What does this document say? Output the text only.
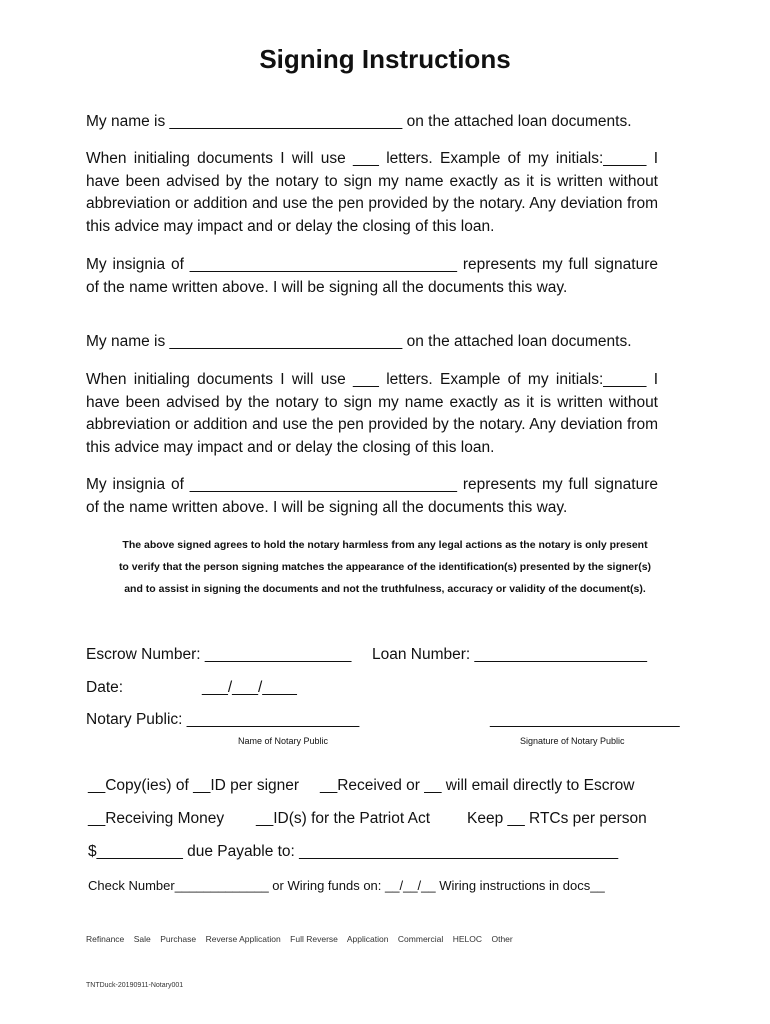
Signing Instructions
My name is ___________________________ on the attached loan documents.
When initialing documents I will use ___ letters. Example of my initials:_____ I have been advised by the notary to sign my name exactly as it is written without abbreviation or addition and use the pen provided by the notary. Any deviation from this advice may impact and or delay the closing of this loan.
My insignia of _______________________________ represents my full signature of the name written above. I will be signing all the documents this way.
My name is ___________________________ on the attached loan documents.
When initialing documents I will use ___ letters. Example of my initials:_____ I have been advised by the notary to sign my name exactly as it is written without abbreviation or addition and use the pen provided by the notary. Any deviation from this advice may impact and or delay the closing of this loan.
My insignia of _______________________________ represents my full signature of the name written above. I will be signing all the documents this way.
The above signed agrees to hold the notary harmless from any legal actions as the notary is only present
to verify that the person signing matches the appearance of the identification(s) presented by the signer(s)
and to assist in signing the documents and not the truthfulness, accuracy or validity of the document(s).
Escrow Number: _________________ Loan Number: ____________________
Date:	___/___/____
Notary Public: ____________________	______________________
Name of Notary Public	Signature of Notary Public
__Copy(ies) of __ID per signer __Received or __ will email directly to Escrow
__Receiving Money __ID(s) for the Patriot Act Keep __ RTCs per person
$__________ due Payable to: _____________________________________
Check Number_____________ or Wiring funds on: __/__/__ Wiring instructions in docs__
Refinance Sale Purchase Reverse Application Full Reverse Application Commercial HELOC Other
TNTDuck-20190911-Notary001
